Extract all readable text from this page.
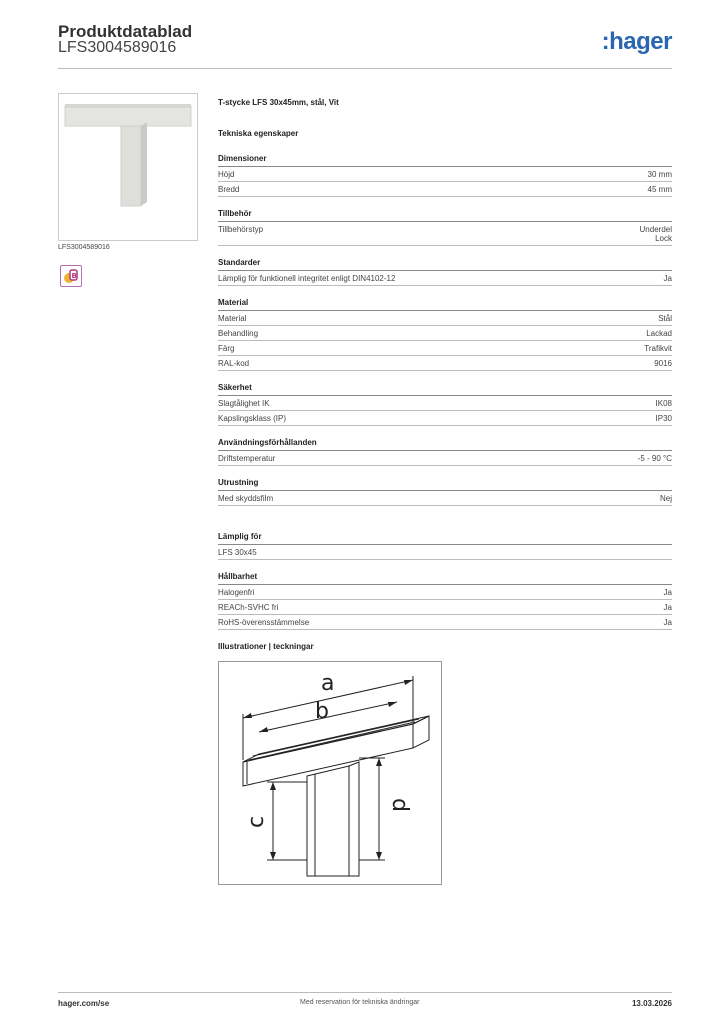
Produktdatablad
LFS3004589016	:hager
LFS3004589016
B
T-stycke LFS 30x45mm, stål, Vit
Tekniska egenskaper
Dimensioner
Höjd	30 mm
Bredd	45 mm
Tillbehör
Tillbehörstyp	Underdel
Lock
Standarder
Lämplig för funktionell integritet enligt DIN4102-12	Ja
Material
Material	Stål
Behandling	Lackad
Färg	Trafikvit
RAL-kod	9016
Säkerhet
Slagtålighet IK	IK08
Kapslingsklass (IP)	IP30
Användningsförhållanden
Driftstemperatur	-5 - 90 °C
Utrustning
Med skyddsfilm	Nej
Lämplig för
LFS 30x45
Hållbarhet
Halogenfri	Ja
REACh-SVHC fri	Ja
RoHS-överensstämmelse	Ja
Illustrationer | teckningar
a
b
c
d
hager.com/se	Med reservation för tekniska ändringar	13.03.2026
